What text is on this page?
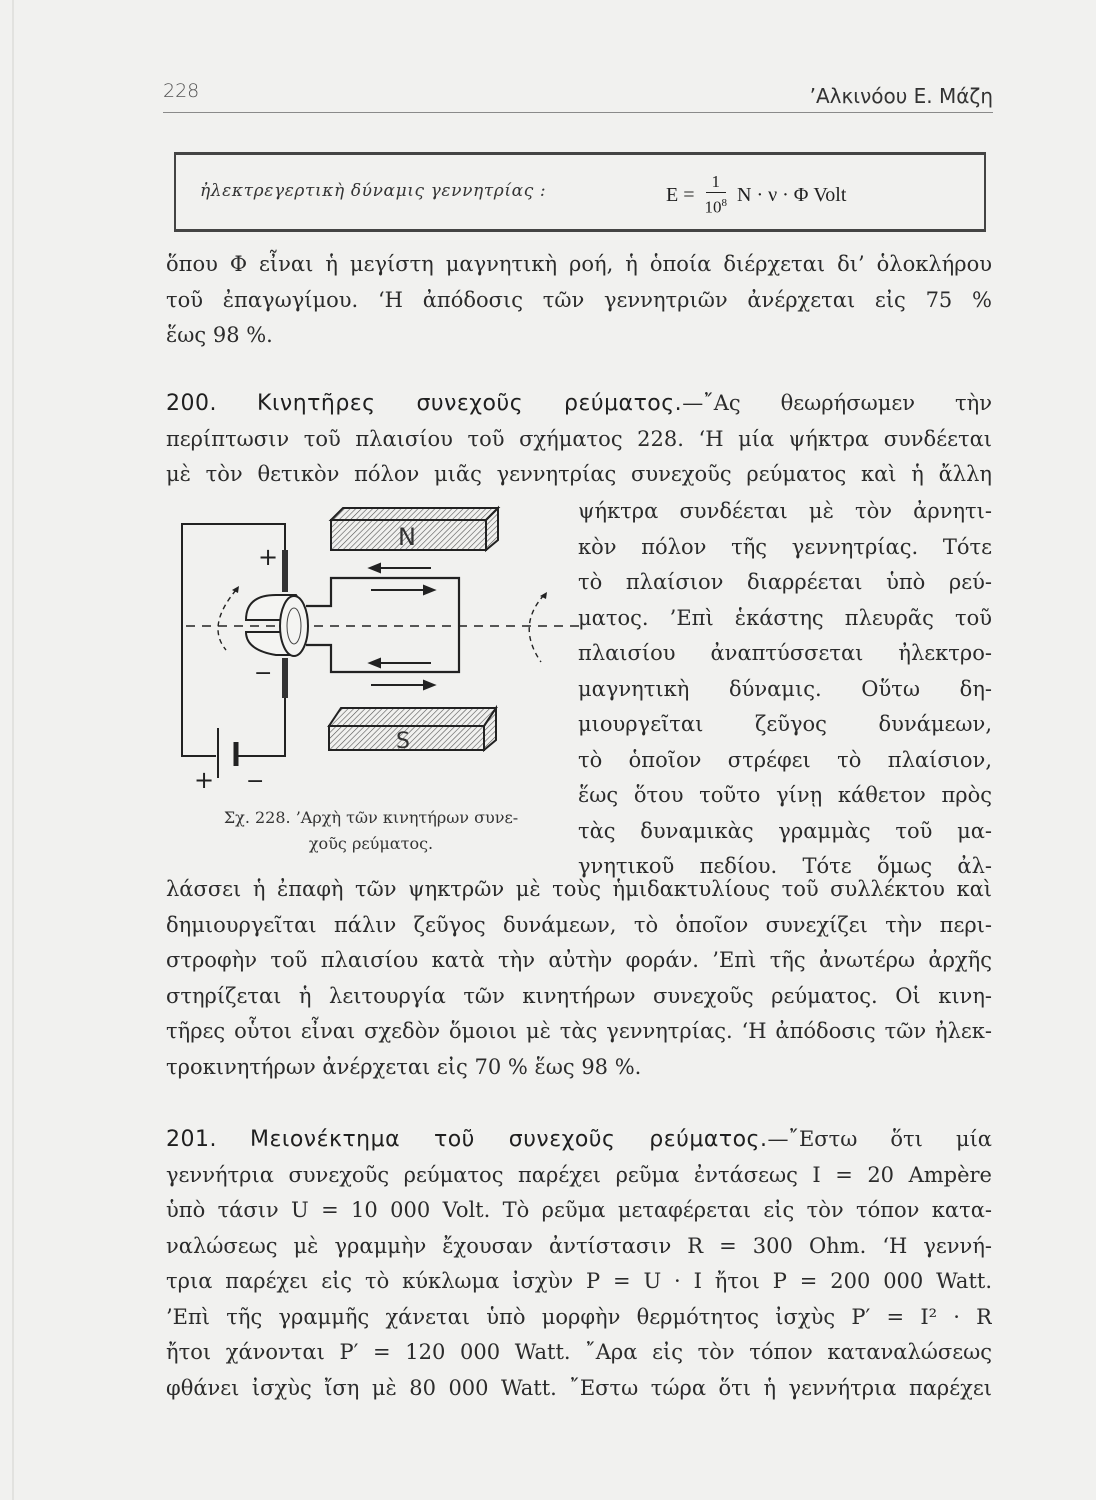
228	’Αλκινόου Ε. Μάζη
ἠλεκτρεγερτικὴ δύναμις γεννητρίας :	$E = \frac{1}{10^8}$ N · ν · Φ Volt
ὅπου Φ εἶναι ἡ μεγίστη μαγνητικὴ ροή, ἡ ὁποία διέρχεται δι’ ὁλοκλήρου
τοῦ ἐπαγωγίμου. ‘Η ἀπόδοσις τῶν γεννητριῶν ἀνέρχεται εἰς 75 %
ἕως 98 %.
200. Κινητῆρες συνεχοῦς ρεύματος.—῎Ας θεωρήσωμεν τὴν
περίπτωσιν τοῦ πλαισίου τοῦ σχήματος 228. ‘Η μία ψήκτρα συνδέεται
μὲ τὸν θετικὸν πόλον μιᾶς γεννητρίας συνεχοῦς ρεύματος καὶ ἡ ἄλλη
ψήκτρα συνδέεται μὲ τὸν ἀρνητι-
κὸν πόλον τῆς γεννητρίας. Τότε
τὸ πλαίσιον διαρρέεται ὑπὸ ρεύ-
ματος. ’Επὶ ἑκάστης πλευρᾶς τοῦ
πλαισίου ἀναπτύσσεται ἠλεκτρο-
μαγνητικὴ δύναμις. Οὕτω δη-
μιουργεῖται ζεῦγος δυνάμεων,
τὸ ὁποῖον στρέφει τὸ πλαίσιον,
ἕως ὅτου τοῦτο γίνῃ κάθετον πρὸς
τὰς δυναμικὰς γραμμὰς τοῦ μα-
γνητικοῦ πεδίου. Τότε ὅμως ἀλ-
N
S
+
−
+ −
Σχ. 228. ’Αρχὴ τῶν κινητήρων συνε-
χοῦς ρεύματος.
λάσσει ἡ ἐπαφὴ τῶν ψηκτρῶν μὲ τοὺς ἡμιδακτυλίους τοῦ συλλέκτου καὶ
δημιουργεῖται πάλιν ζεῦγος δυνάμεων, τὸ ὁποῖον συνεχίζει τὴν περι-
στροφὴν τοῦ πλαισίου κατὰ τὴν αὐτὴν φοράν. ’Επὶ τῆς ἀνωτέρω ἀρχῆς
στηρίζεται ἡ λειτουργία τῶν κινητήρων συνεχοῦς ρεύματος. Οἱ κινη-
τῆρες οὗτοι εἶναι σχεδὸν ὅμοιοι μὲ τὰς γεννητρίας. ‘Η ἀπόδοσις τῶν ἠλεκ-
τροκινητήρων ἀνέρχεται εἰς 70 % ἕως 98 %.
201. Μειονέκτημα τοῦ συνεχοῦς ρεύματος.—῎Εστω ὅτι μία
γεννήτρια συνεχοῦς ρεύματος παρέχει ρεῦμα ἐντάσεως I = 20 Ampère
ὑπὸ τάσιν U = 10 000 Volt. Τὸ ρεῦμα μεταφέρεται εἰς τὸν τόπον κατα-
ναλώσεως μὲ γραμμὴν ἔχουσαν ἀντίστασιν R = 300 Ohm. ‘Η γεννή-
τρια παρέχει εἰς τὸ κύκλωμα ἰσχὺν P = U · I ἤτοι P = 200 000 Watt.
’Επὶ τῆς γραμμῆς χάνεται ὑπὸ μορφὴν θερμότητος ἰσχὺς P′ = I² · R
ἤτοι χάνονται P′ = 120 000 Watt. ῎Αρα εἰς τὸν τόπον καταναλώσεως
φθάνει ἰσχὺς ἴση μὲ 80 000 Watt. ῎Εστω τώρα ὅτι ἡ γεννήτρια παρέχει
